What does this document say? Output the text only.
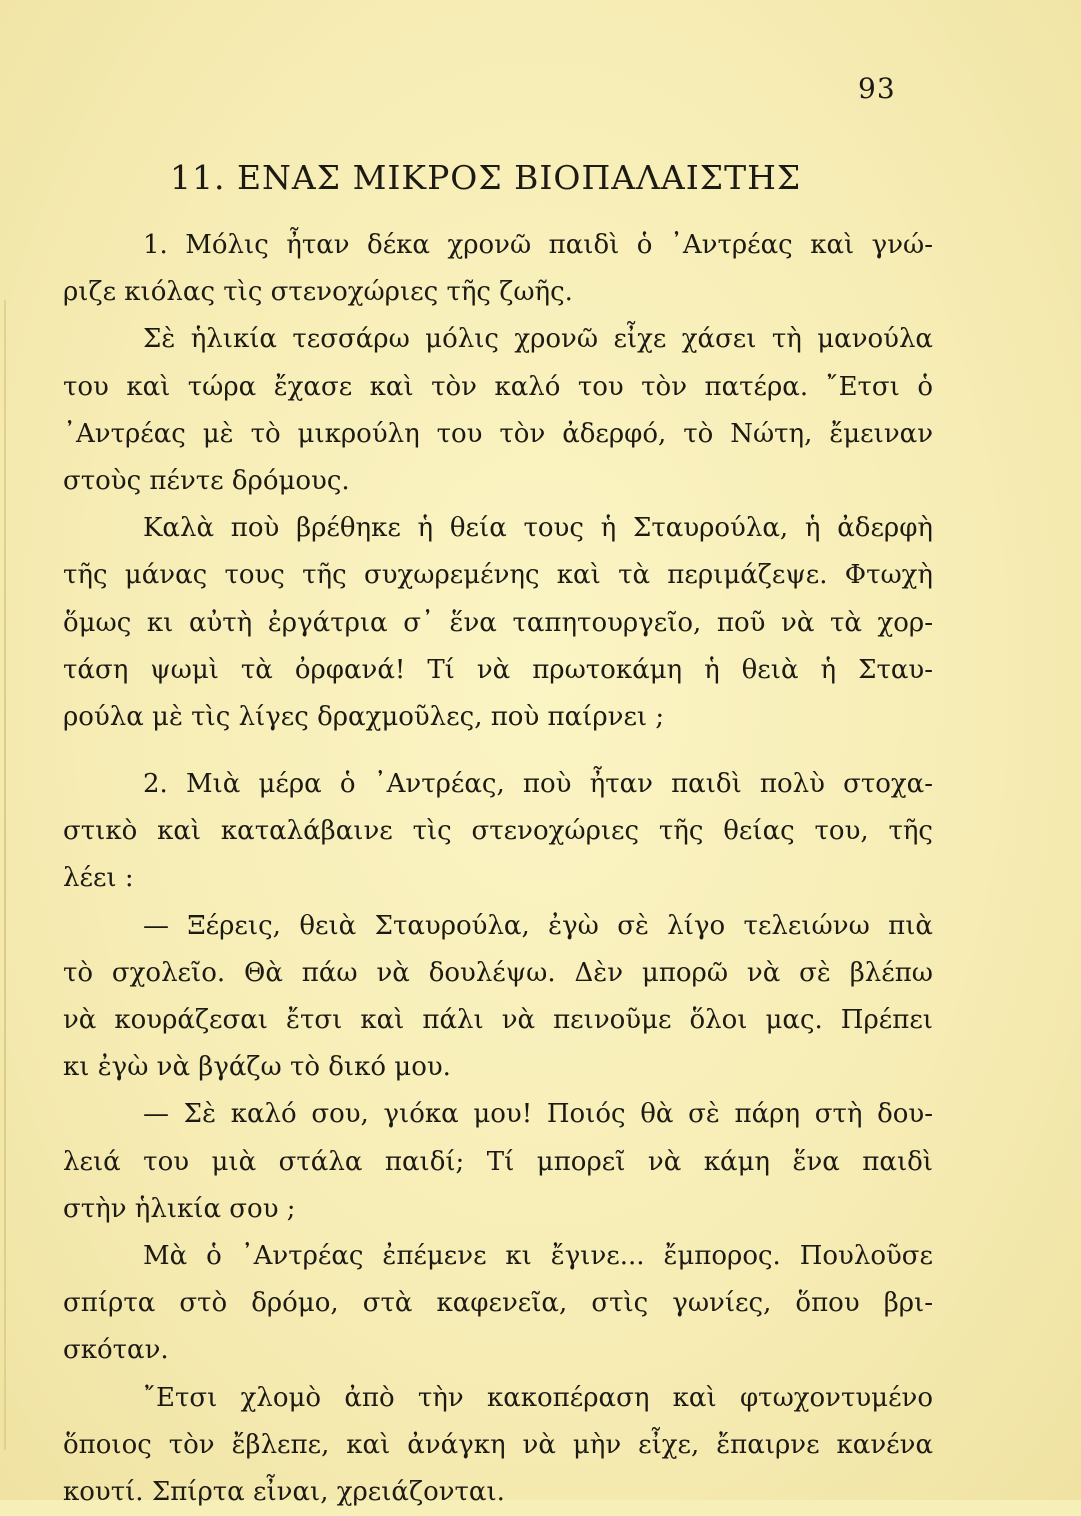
93
11. ΕΝΑΣ ΜΙΚΡΟΣ ΒΙΟΠΑΛΑΙΣΤΗΣ
1. Μόλις ἦταν δέκα χρονῶ παιδὶ ὁ ᾽Αντρέας καὶ γνώ-
ριζε κιόλας τὶς στενοχώριες τῆς ζωῆς.
Σὲ ἡλικία τεσσάρω μόλις χρονῶ εἶχε χάσει τὴ μανούλα
του καὶ τώρα ἔχασε καὶ τὸν καλό του τὸν πατέρα. ῎Ετσι ὁ
᾽Αντρέας μὲ τὸ μικρούλη του τὸν ἀδερφό, τὸ Νώτη, ἔμειναν
στοὺς πέντε δρόμους.
Καλὰ ποὺ βρέθηκε ἡ θεία τους ἡ Σταυρούλα, ἡ ἀδερφὴ
τῆς μάνας τους τῆς συχωρεμένης καὶ τὰ περιμάζεψε. Φτωχὴ
ὅμως κι αὐτὴ ἐργάτρια σ᾽ ἕνα ταπητουργεῖο, ποῦ νὰ τὰ χορ-
τάση ψωμὶ τὰ ὀρφανά! Τί νὰ πρωτοκάμη ἡ θειὰ ἡ Σταυ-
ρούλα μὲ τὶς λίγες δραχμοῦλες, ποὺ παίρνει ;
2. Μιὰ μέρα ὁ ᾽Αντρέας, ποὺ ἦταν παιδὶ πολὺ στοχα-
στικὸ καὶ καταλάβαινε τὶς στενοχώριες τῆς θείας του, τῆς
λέει :
— Ξέρεις, θειὰ Σταυρούλα, ἐγὼ σὲ λίγο τελειώνω πιὰ
τὸ σχολεῖο. Θὰ πάω νὰ δουλέψω. Δὲν μπορῶ νὰ σὲ βλέπω
νὰ κουράζεσαι ἔτσι καὶ πάλι νὰ πεινοῦμε ὅλοι μας. Πρέπει
κι ἐγὼ νὰ βγάζω τὸ δικό μου.
— Σὲ καλό σου, γιόκα μου! Ποιός θὰ σὲ πάρη στὴ δου-
λειά του μιὰ στάλα παιδί; Τί μπορεῖ νὰ κάμη ἕνα παιδὶ
στὴν ἡλικία σου ;
Μὰ ὁ ᾽Αντρέας ἐπέμενε κι ἔγινε... ἔμπορος. Πουλοῦσε
σπίρτα στὸ δρόμο, στὰ καφενεῖα, στὶς γωνίες, ὅπου βρι-
σκόταν.
῎Ετσι χλομὸ ἀπὸ τὴν κακοπέραση καὶ φτωχοντυμένο
ὅποιος τὸν ἔβλεπε, καὶ ἀνάγκη νὰ μὴν εἶχε, ἔπαιρνε κανένα
κουτί. Σπίρτα εἶναι, χρειάζονται.
